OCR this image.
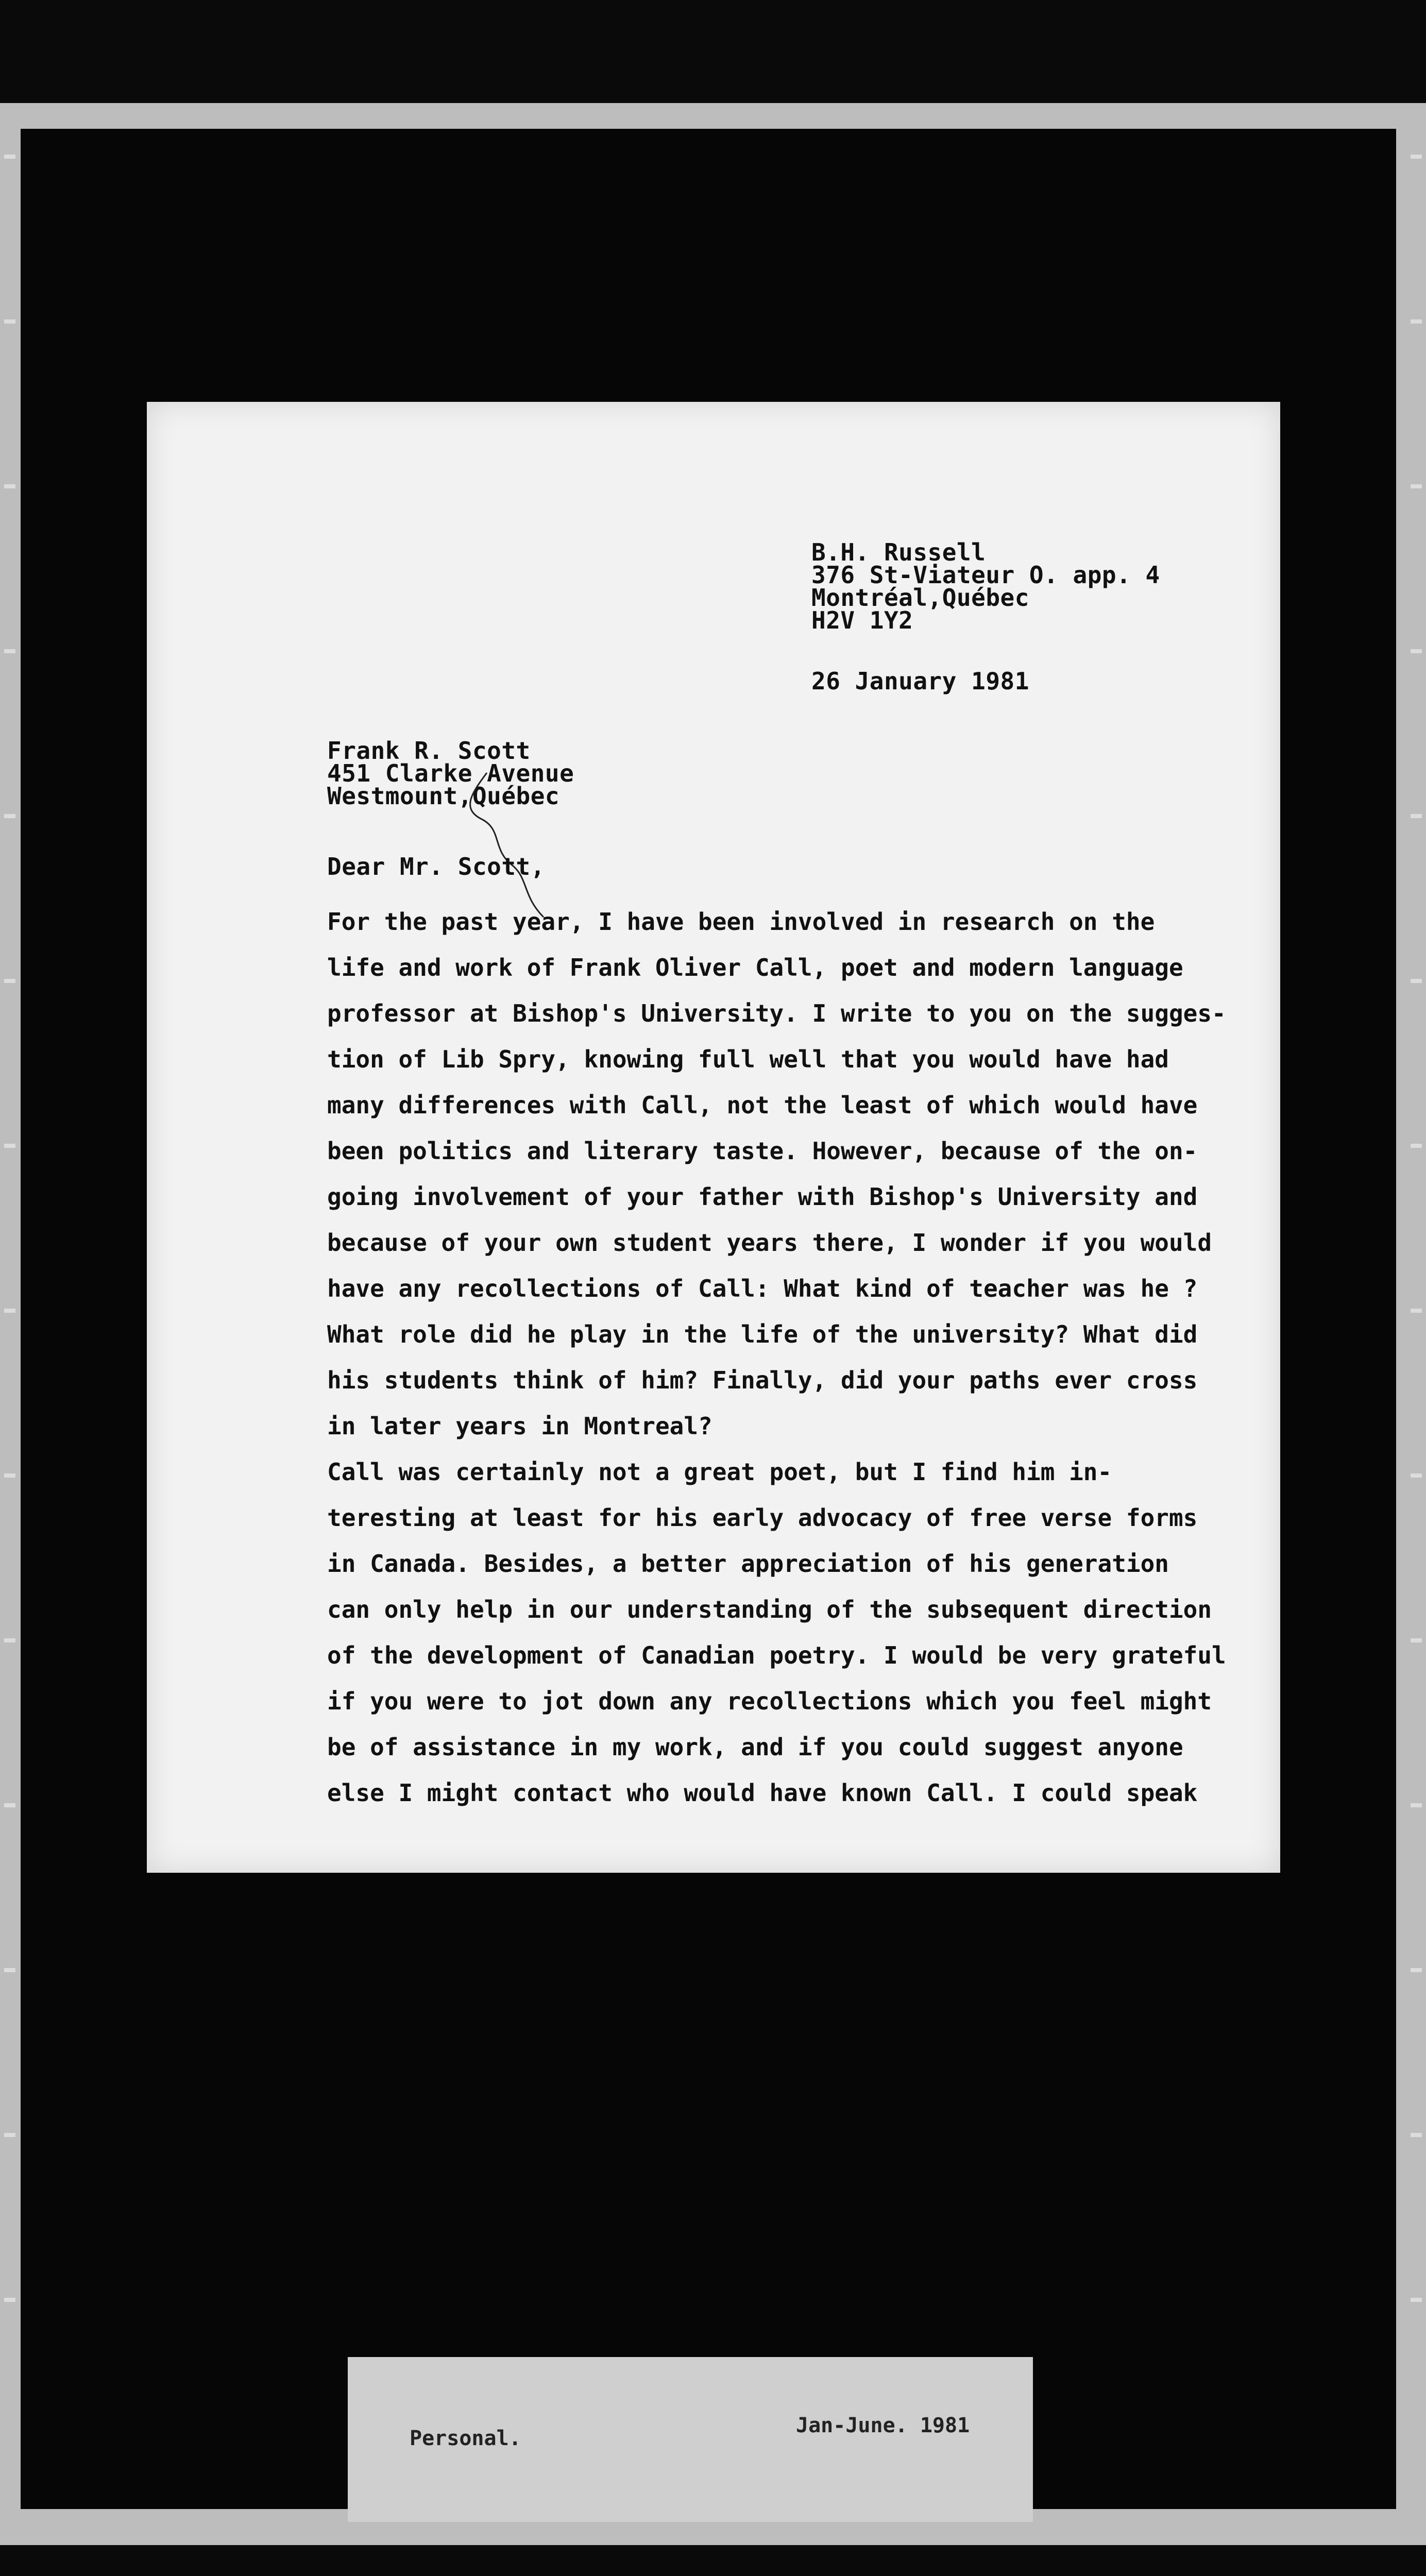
B.H. Russell
376 St-Viateur O. app. 4
Montréal,Québec
H2V 1Y2
26 January 1981
Frank R. Scott
451 Clarke Avenue
Westmount,Québec
Dear Mr. Scott,
For the past year, I have been involved in research on the
life and work of Frank Oliver Call, poet and modern language
professor at Bishop's University. I write to you on the sugges-
tion of Lib Spry, knowing full well that you would have had
many differences with Call, not the least of which would have
been politics and literary taste. However, because of the on-
going involvement of your father with Bishop's University and
because of your own student years there, I wonder if you would
have any recollections of Call: What kind of teacher was he ?
What role did he play in the life of the university? What did
his students think of him? Finally, did your paths ever cross
in later years in Montreal?
Call was certainly not a great poet, but I find him in-
teresting at least for his early advocacy of free verse forms
in Canada. Besides, a better appreciation of his generation
can only help in our understanding of the subsequent direction
of the development of Canadian poetry. I would be very grateful
if you were to jot down any recollections which you feel might
be of assistance in my work, and if you could suggest anyone
else I might contact who would have known Call. I could speak
Personal.
Jan-June. 1981
